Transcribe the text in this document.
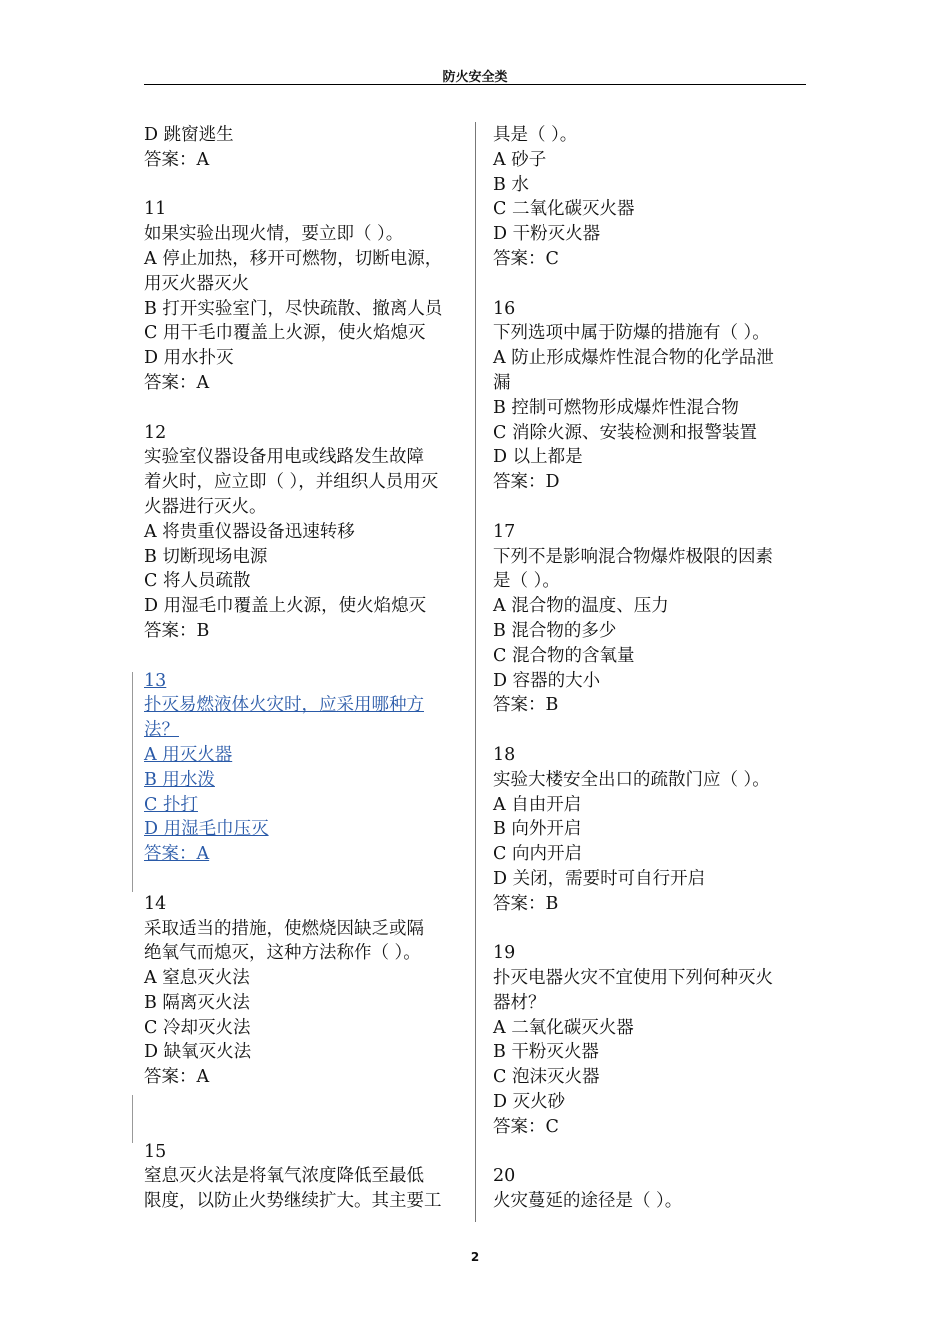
防火安全类
D 跳窗逃生
答案：A
11
如果实验出现火情，要立即（ ）。
A 停止加热，移开可燃物，切断电源，
用灭火器灭火
B 打开实验室门，尽快疏散、撤离人员
C 用干毛巾覆盖上火源，使火焰熄灭
D 用水扑灭
答案：A
12
实验室仪器设备用电或线路发生故障
着火时，应立即（ ），并组织人员用灭
火器进行灭火。
A 将贵重仪器设备迅速转移
B 切断现场电源
C 将人员疏散
D 用湿毛巾覆盖上火源，使火焰熄灭
答案：B
13
扑灭易燃液体火灾时，应采用哪种方
法？
A 用灭火器
B 用水泼
C 扑打
D 用湿毛巾压灭
答案：A
14
采取适当的措施，使燃烧因缺乏或隔
绝氧气而熄灭，这种方法称作（ ）。
A 窒息灭火法
B 隔离灭火法
C 冷却灭火法
D 缺氧灭火法
答案：A
15
窒息灭火法是将氧气浓度降低至最低
限度，以防止火势继续扩大。其主要工
具是（ ）。
A 砂子
B 水
C 二氧化碳灭火器
D 干粉灭火器
答案：C
16
下列选项中属于防爆的措施有（ ）。
A 防止形成爆炸性混合物的化学品泄
漏
B 控制可燃物形成爆炸性混合物
C 消除火源、安装检测和报警装置
D 以上都是
答案：D
17
下列不是影响混合物爆炸极限的因素
是（ ）。
A 混合物的温度、压力
B 混合物的多少
C 混合物的含氧量
D 容器的大小
答案：B
18
实验大楼安全出口的疏散门应（ ）。
A 自由开启
B 向外开启
C 向内开启
D 关闭，需要时可自行开启
答案：B
19
扑灭电器火灾不宜使用下列何种灭火
器材？
A 二氧化碳灭火器
B 干粉灭火器
C 泡沫灭火器
D 灭火砂
答案：C
20
火灾蔓延的途径是（ ）。
2
